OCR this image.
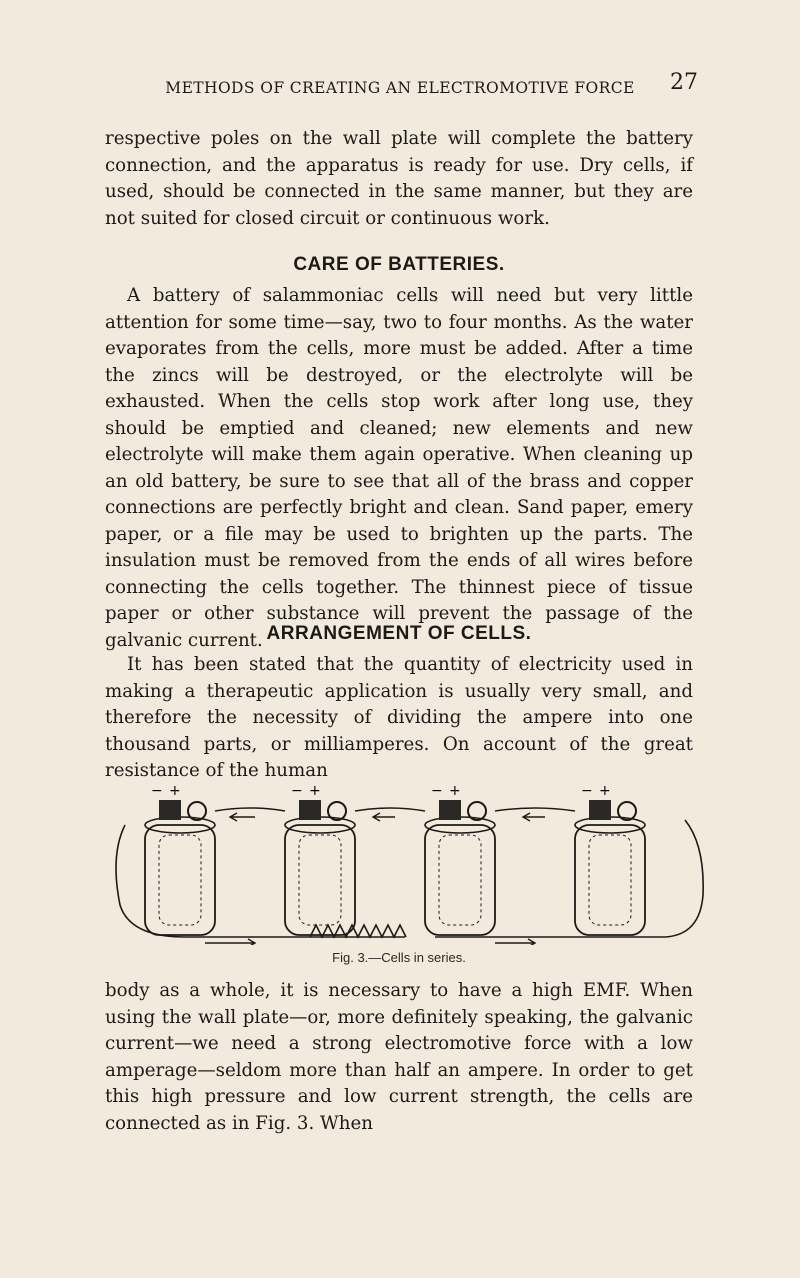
METHODS OF CREATING AN ELECTROMOTIVE FORCE	27

respective poles on the wall plate will complete the battery connection, and the apparatus is ready for use. Dry cells, if used, should be connected in the same manner, but they are not suited for closed circuit or continuous work.

CARE OF BATTERIES.

A battery of salammoniac cells will need but very little attention for some time—say, two to four months. As the water evaporates from the cells, more must be added. After a time the zincs will be destroyed, or the electrolyte will be exhausted. When the cells stop work after long use, they should be emptied and cleaned; new elements and new electrolyte will make them again operative. When cleaning up an old battery, be sure to see that all of the brass and copper connections are perfectly bright and clean. Sand paper, emery paper, or a file may be used to brighten up the parts. The insulation must be removed from the ends of all wires before connecting the cells together. The thinnest piece of tissue paper or other substance will prevent the passage of the galvanic current. ARRANGEMENT OF CELLS.

It has been stated that the quantity of electricity used in making a therapeutic application is usually very small, and therefore the necessity of dividing the ampere into one thousand parts, or milliamperes. On account of the great resistance of the human

− +	− +	− +	− +
Fig. 3.—Cells in series.

body as a whole, it is necessary to have a high EMF. When using the wall plate—or, more definitely speaking, the galvanic current—we need a strong electromotive force with a low amperage—seldom more than half an ampere. In order to get this high pressure and low current strength, the cells are connected as in Fig. 3. When
